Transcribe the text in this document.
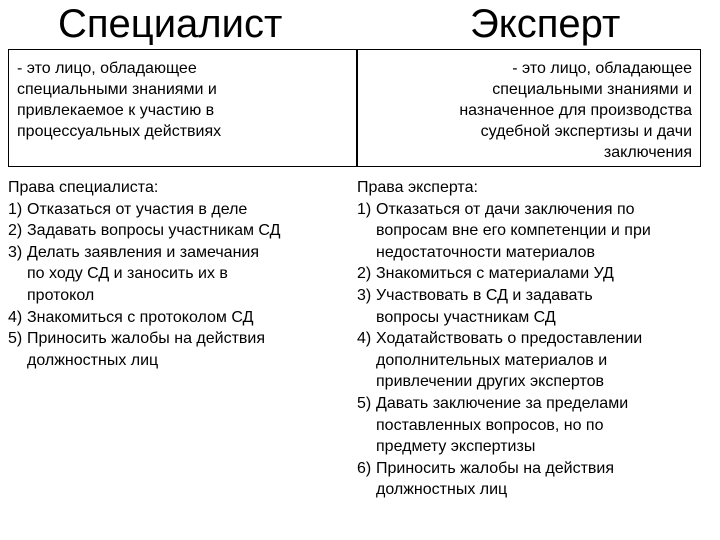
Специалист	Эксперт
- это лицо, обладающее
специальными знаниями и
привлекаемое к участию в
процессуальных действиях
- это лицо, обладающее
специальными знаниями и
назначенное для производства
судебной экспертизы и дачи
заключения
Права специалиста:
1) Отказаться от участия в деле
2) Задавать вопросы участникам СД
3) Делать заявления и замечания
по ходу СД и заносить их в
протокол
4) Знакомиться с протоколом СД
5) Приносить жалобы на действия
должностных лиц
Права эксперта:
1) Отказаться от дачи заключения по
вопросам вне его компетенции и при
недостаточности материалов
2) Знакомиться с материалами УД
3) Участвовать в СД и задавать
вопросы участникам СД
4) Ходатайствовать о предоставлении
дополнительных материалов и
привлечении других экспертов
5) Давать заключение за пределами
поставленных вопросов, но по
предмету экспертизы
6) Приносить жалобы на действия
должностных лиц
